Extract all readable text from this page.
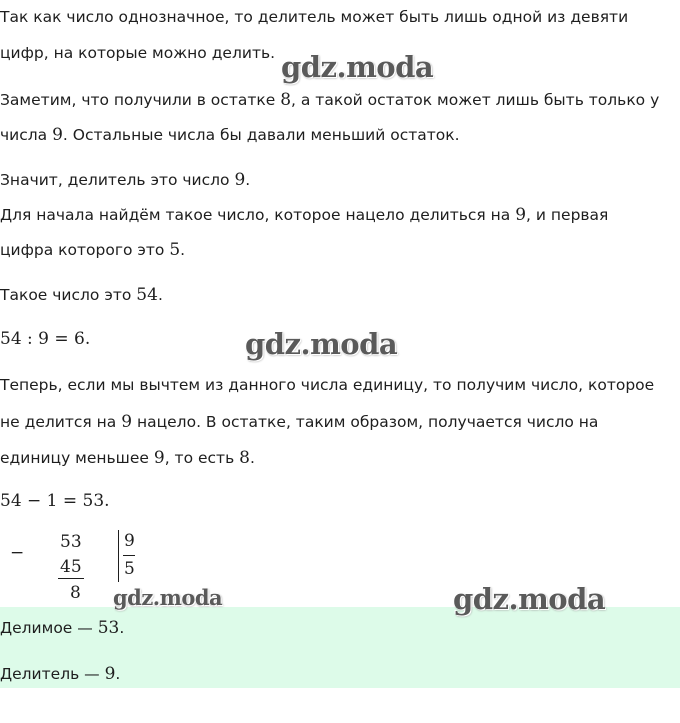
Так как число однозначное, то делитель может быть лишь одной из девяти
цифр, на которые можно делить.
Заметим, что получили в остатке 8, а такой остаток может лишь быть только у
числа 9. Остальные числа бы давали меньший остаток.
Значит, делитель это число 9.
Для начала найдём такое число, которое нацело делиться на 9, и первая
цифра которого это 5.
Такое число это 54.
54 : 9 = 6.
Теперь, если мы вычтем из данного числа единицу, то получим число, которое
не делится на 9 нацело. В остатке, таким образом, получается число на
единицу меньшее 9, то есть 8.
54 − 1 = 53.
−
53
45
8
9
5
Делимое — 53.
Делитель — 9.
gdz.moda
gdz.moda
gdz.moda	gdz.moda
